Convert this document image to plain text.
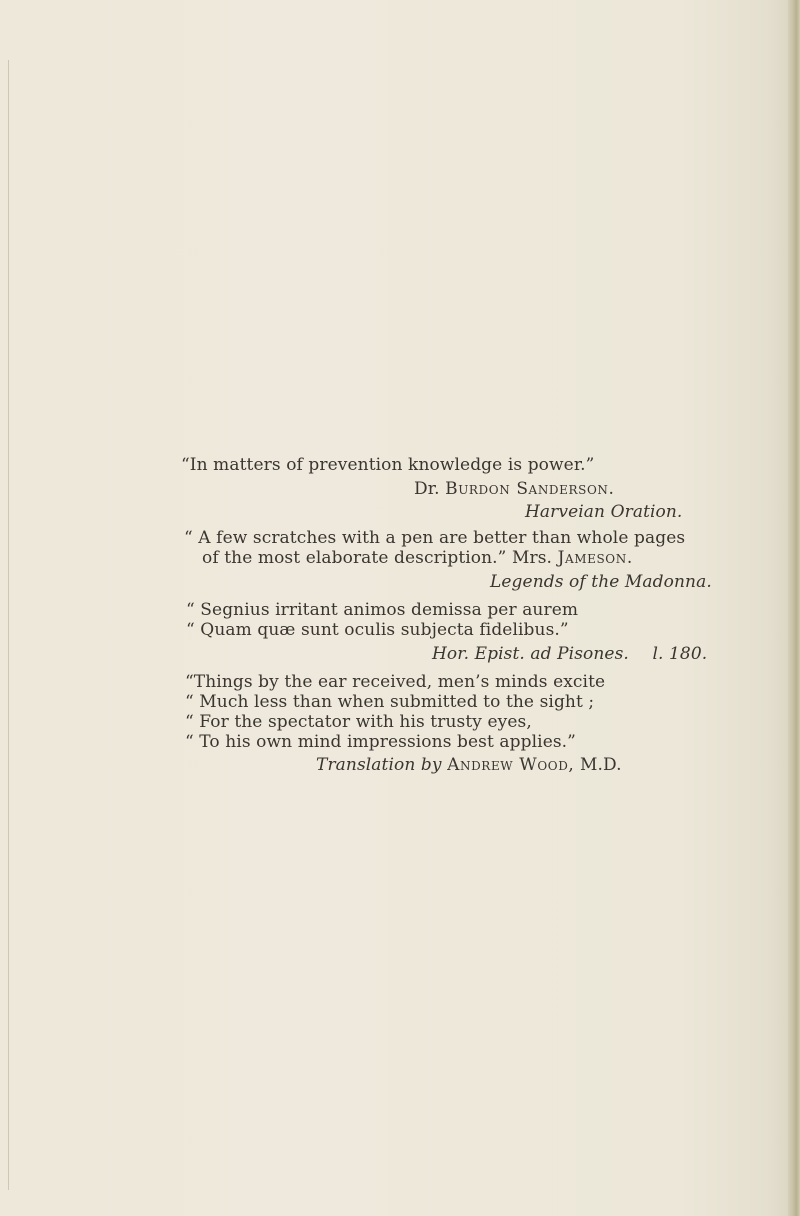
“In matters of prevention knowledge is power.”
Dr. Burdon Sanderson.
Harveian Oration.
“ A few scratches with a pen are better than whole pages
of the most elaborate description.” Mrs. Jameson.
Legends of the Madonna.
“ Segnius irritant animos demissa per aurem
“ Quam quæ sunt oculis subjecta fidelibus.”
Hor. Epist. ad Pisones. l. 180.
“Things by the ear received, men’s minds excite
“ Much less than when submitted to the sight ;
“ For the spectator with his trusty eyes,
“ To his own mind impressions best applies.”
Translation by Andrew Wood, M.D.
